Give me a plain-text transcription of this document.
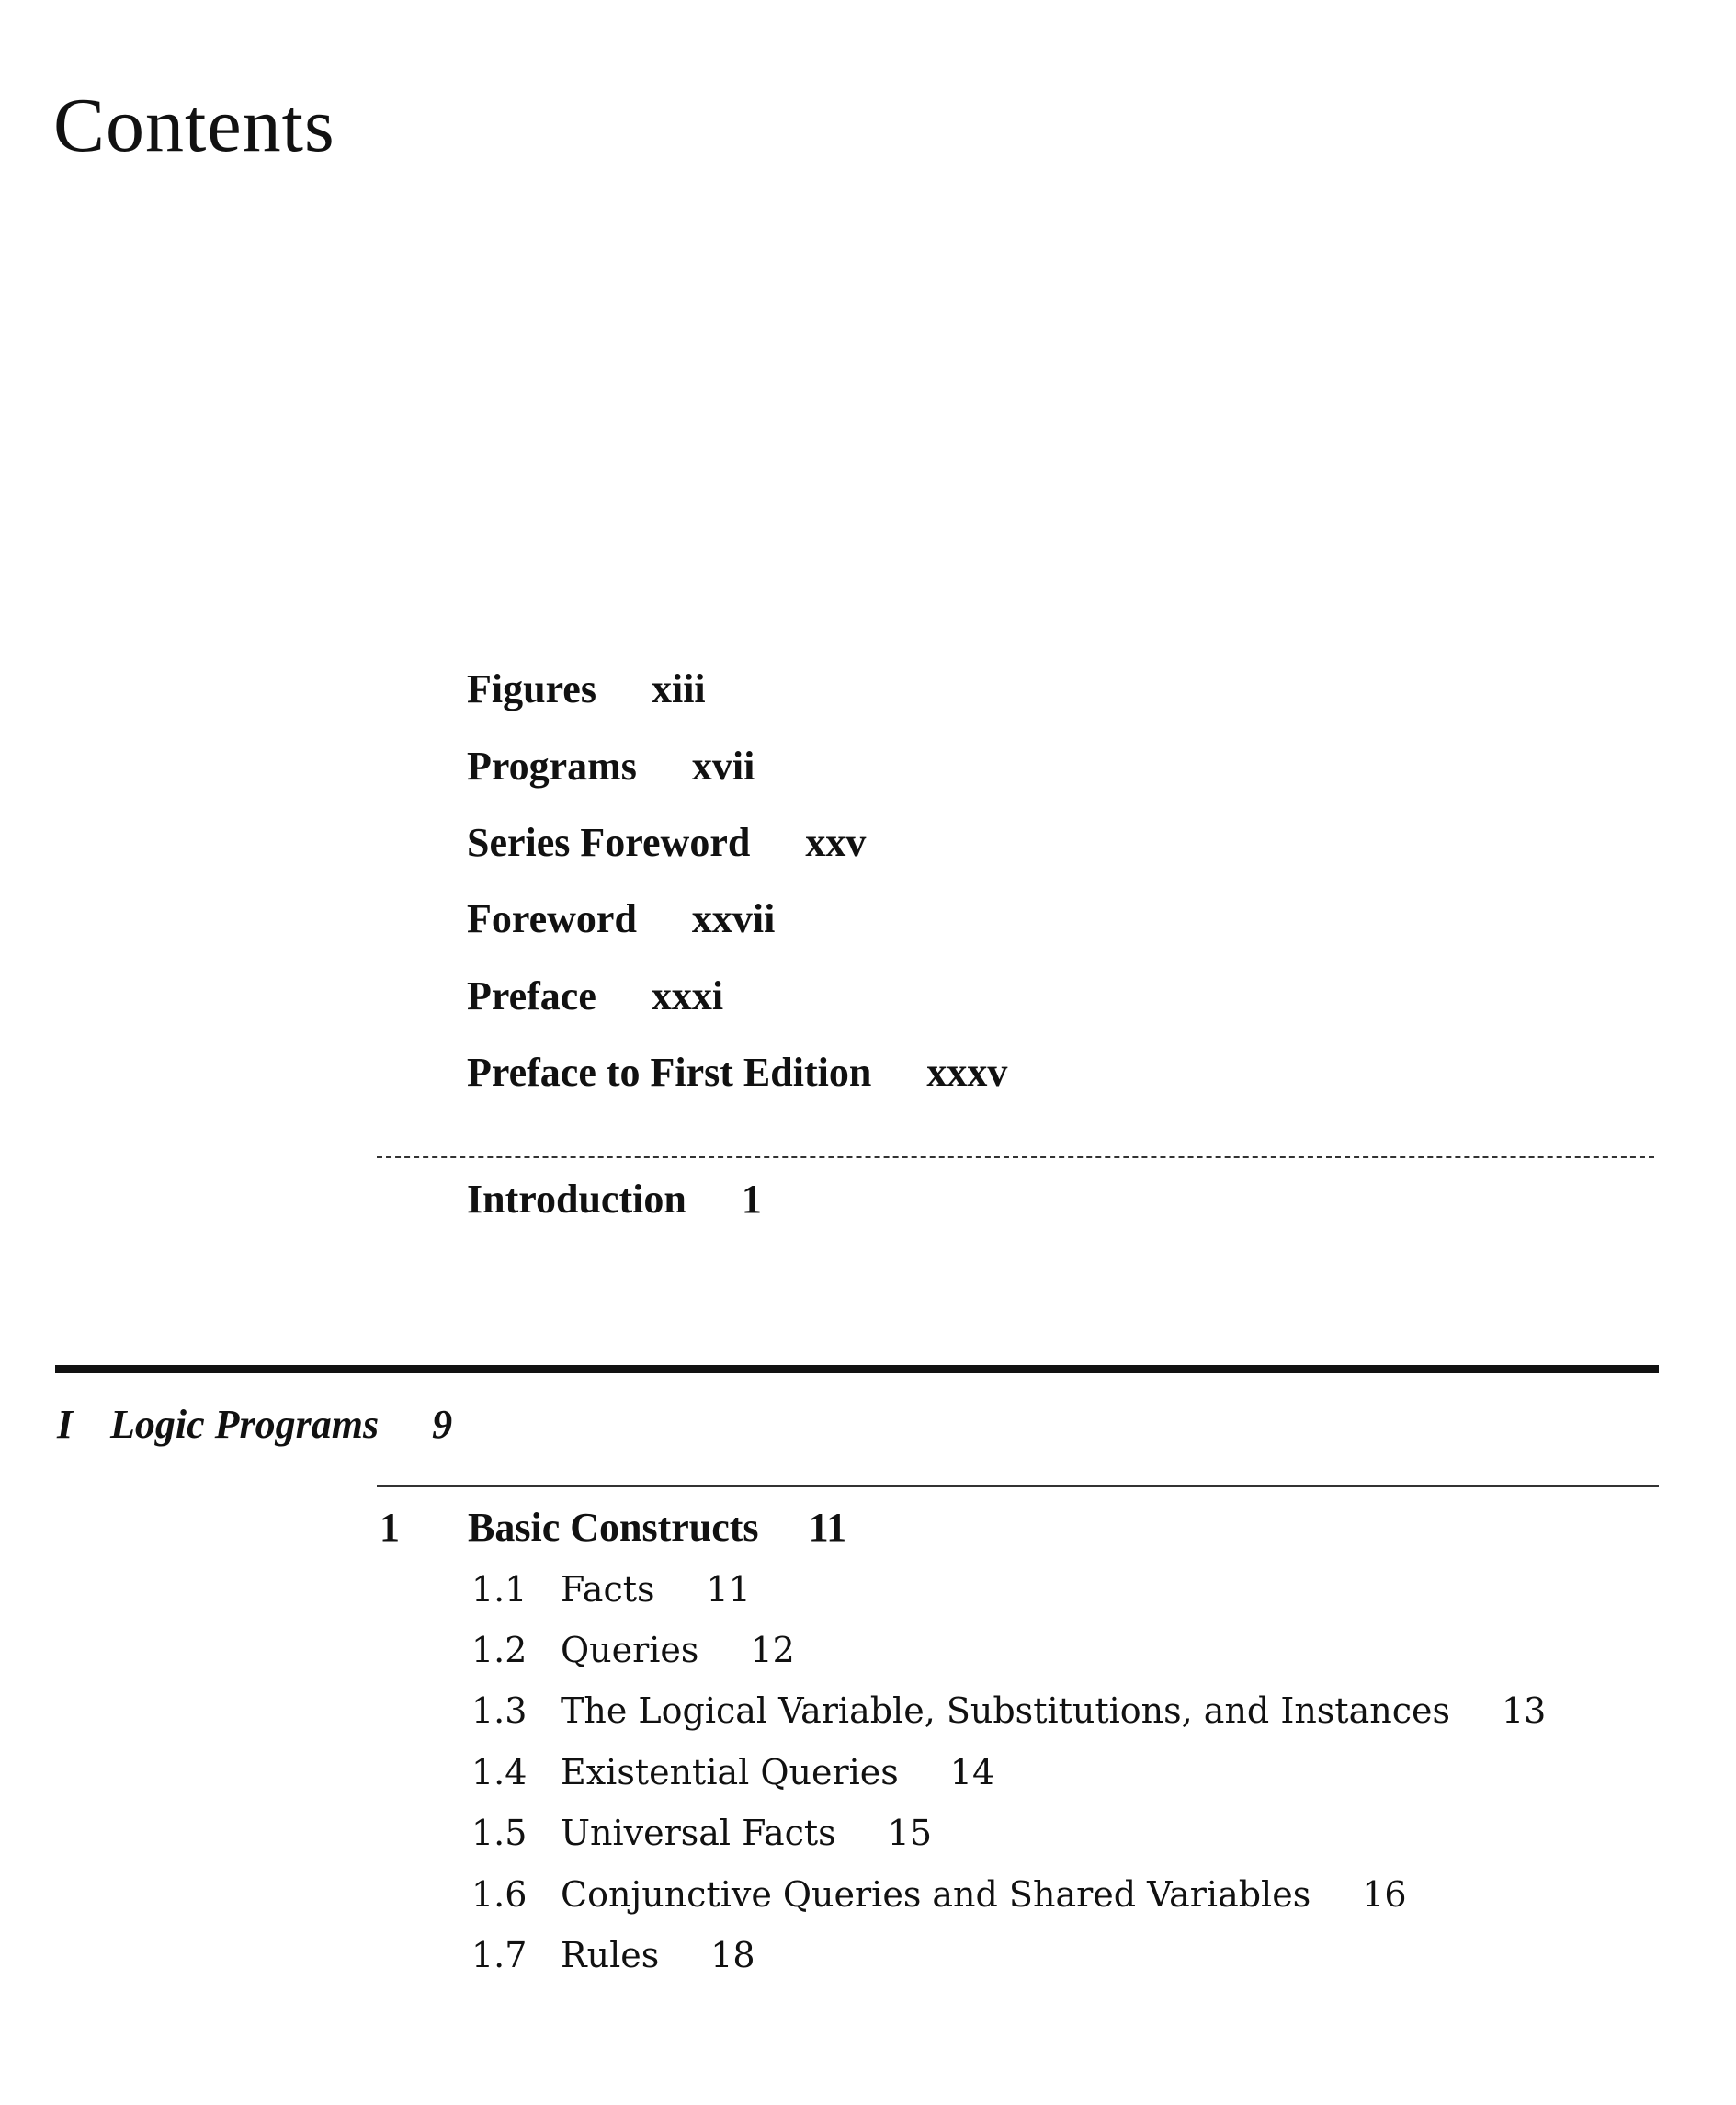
Contents
Figures xiii
Programs xvii
Series Foreword xxv
Foreword xxvii
Preface xxxi
Preface to First Edition xxxv
Introduction 1
I Logic Programs 9
1 Basic Constructs 11
1.1 Facts 11
1.2 Queries 12
1.3 The Logical Variable, Substitutions, and Instances 13
1.4 Existential Queries 14
1.5 Universal Facts 15
1.6 Conjunctive Queries and Shared Variables 16
1.7 Rules 18
